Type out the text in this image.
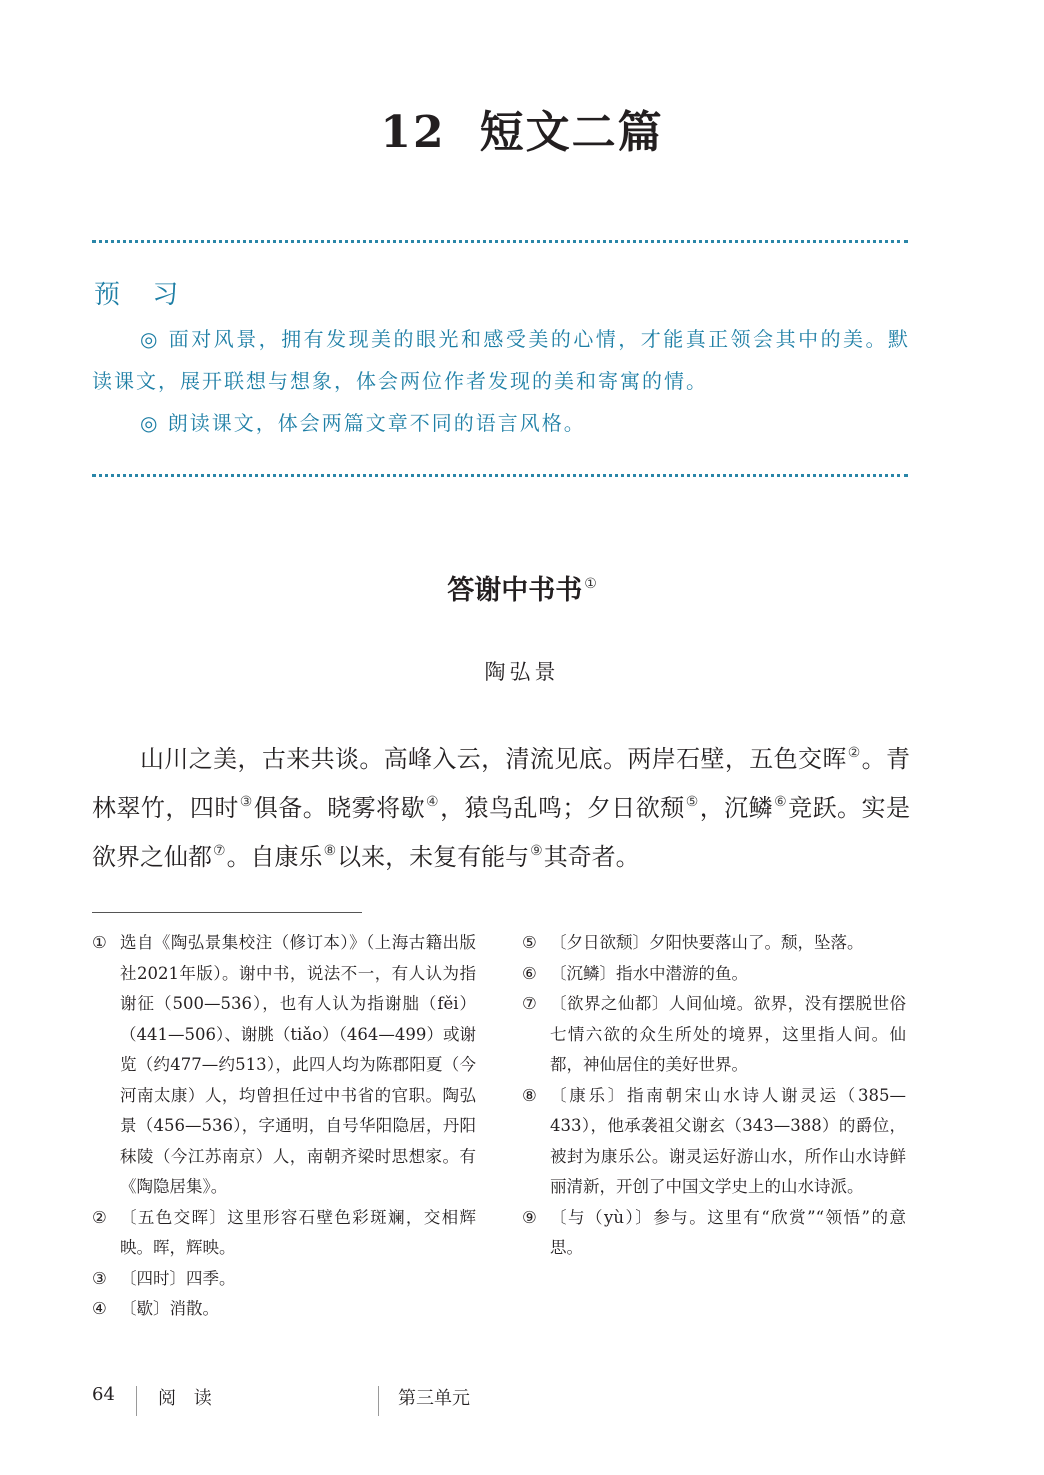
12 短文二篇
预 习

◎ 面对风景，拥有发现美的眼光和感受美的心情，才能真正领会其中的美。默读课文，展开联想与想象，体会两位作者发现的美和寄寓的情。

◎ 朗读课文，体会两篇文章不同的语言风格。

答谢中书书 ①
陶弘景

山川之美，古来共谈。高峰入云，清流见底。两岸石壁，五色交晖②。青林翠竹，四时③俱备。晓雾将歇④，猿鸟乱鸣；夕日欲颓⑤，沉鳞⑥竞跃。实是欲界之仙都⑦。自康乐⑧以来，未复有能与⑨其奇者。

① 选自《陶弘景集校注（修订本）》（上海古籍出版社2021年版）。谢中书，说法不一，有人认为指谢征（500—536），也有人认为指谢朏（fěi）（441—506）、谢朓（tiǎo）（464—499）或谢览（约477—约513），此四人均为陈郡阳夏（今河南太康）人，均曾担任过中书省的官职。陶弘景（456—536），字通明，自号华阳隐居，丹阳秣陵（今江苏南京）人，南朝齐梁时思想家。有《陶隐居集》。

② 〔五色交晖〕这里形容石壁色彩斑斓，交相辉映。晖，辉映。

③ 〔四时〕四季。

④ 〔歇〕消散。

⑤ 〔夕日欲颓〕夕阳快要落山了。颓，坠落。

⑥ 〔沉鳞〕指水中潜游的鱼。

⑦ 〔欲界之仙都〕人间仙境。欲界，没有摆脱世俗七情六欲的众生所处的境界，这里指人间。仙都，神仙居住的美好世界。

⑧ 〔康乐〕指南朝宋山水诗人谢灵运（385—433），他承袭祖父谢玄（343—388）的爵位，被封为康乐公。谢灵运好游山水，所作山水诗鲜丽清新，开创了中国文学史上的山水诗派。

⑨ 〔与（yù）〕参与。这里有“欣赏”“领悟”的意思。

64 阅 读	第三单元
